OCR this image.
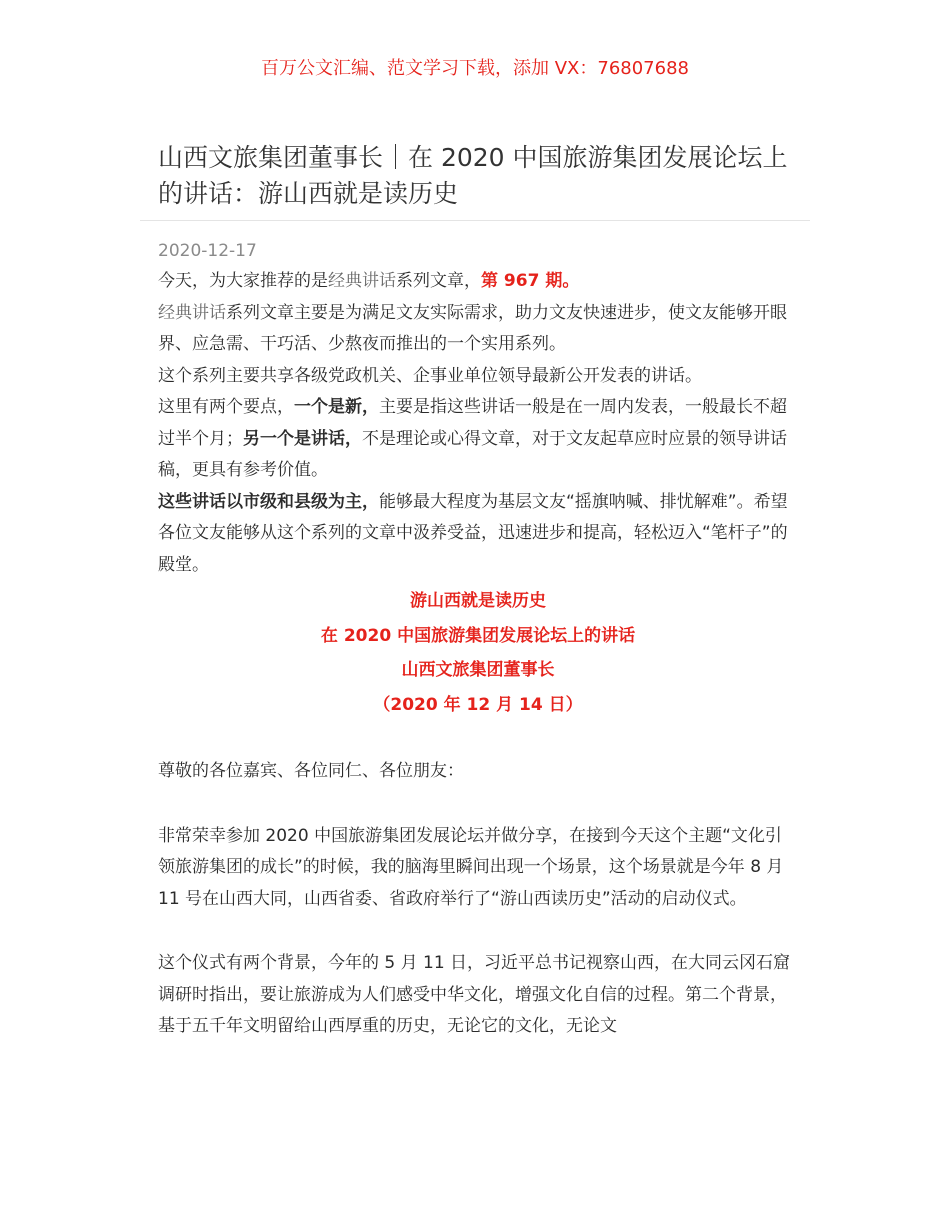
百万公文汇编、范文学习下载，添加 VX：76807688
山西文旅集团董事长｜在 2020 中国旅游集团发展论坛上的讲话：游山西就是读历史
2020-12-17

今天，为大家推荐的是经典讲话系列文章，第 967 期。

经典讲话系列文章主要是为满足文友实际需求，助力文友快速进步，使文友能够开眼界、应急需、干巧活、少熬夜而推出的一个实用系列。

这个系列主要共享各级党政机关、企事业单位领导最新公开发表的讲话。

这里有两个要点，一个是新，主要是指这些讲话一般是在一周内发表，一般最长不超过半个月；另一个是讲话，不是理论或心得文章，对于文友起草应时应景的领导讲话稿，更具有参考价值。

这些讲话以市级和县级为主，能够最大程度为基层文友“摇旗呐喊、排忧解难”。希望各位文友能够从这个系列的文章中汲养受益，迅速进步和提高，轻松迈入“笔杆子”的殿堂。

游山西就是读历史

在 2020 中国旅游集团发展论坛上的讲话

山西文旅集团董事长

（2020 年 12 月 14 日）

尊敬的各位嘉宾、各位同仁、各位朋友：

非常荣幸参加 2020 中国旅游集团发展论坛并做分享，在接到今天这个主题“文化引领旅游集团的成长”的时候，我的脑海里瞬间出现一个场景，这个场景就是今年 8 月 11 号在山西大同，山西省委、省政府举行了“游山西读历史”活动的启动仪式。

这个仪式有两个背景，今年的 5 月 11 日，习近平总书记视察山西，在大同云冈石窟调研时指出，要让旅游成为人们感受中华文化，增强文化自信的过程。第二个背景，基于五千年文明留给山西厚重的历史，无论它的文化，无论文
